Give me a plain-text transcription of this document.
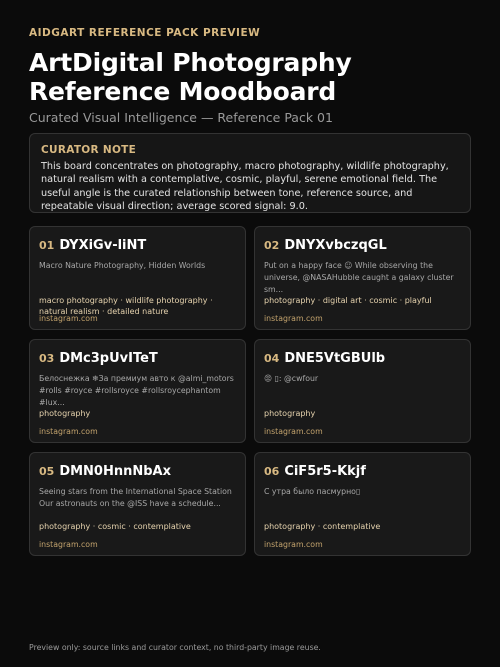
AIDGART REFERENCE PACK PREVIEW
ArtDigital Photography Reference Moodboard
Curated Visual Intelligence — Reference Pack 01
CURATOR NOTE
This board concentrates on photography, macro photography, wildlife photography, natural realism with a contemplative, cosmic, playful, serene emotional field. The useful angle is the curated relationship between tone, reference source, and repeatable visual direction; average scored signal: 9.0.
01 DYXiGv-liNT
Macro Nature Photography, Hidden Worlds
macro photography · wildlife photography · natural realism · detailed nature
instagram.com
02 DNYXvbczqGL
Put on a happy face ☺ While observing the universe, @NASAHubble caught a galaxy cluster sm...
photography · digital art · cosmic · playful
instagram.com
03 DMc3pUvITeT
Белоснежка ❄За премиум авто к @almi_motors #rolls #royce #rollsroyce #rollsroycephantom #lux...
photography
instagram.com
04 DNE5VtGBUlb
😡 ▯: @cwfour
photography
instagram.com
05 DMN0HnnNbAx
Seeing stars from the International Space Station Our astronauts on the @ISS have a schedule...
photography · cosmic · contemplative
instagram.com
06 CiF5r5-Kkjf
С утра было пасмурно▯
photography · contemplative
instagram.com
Preview only: source links and curator context, no third-party image reuse.
